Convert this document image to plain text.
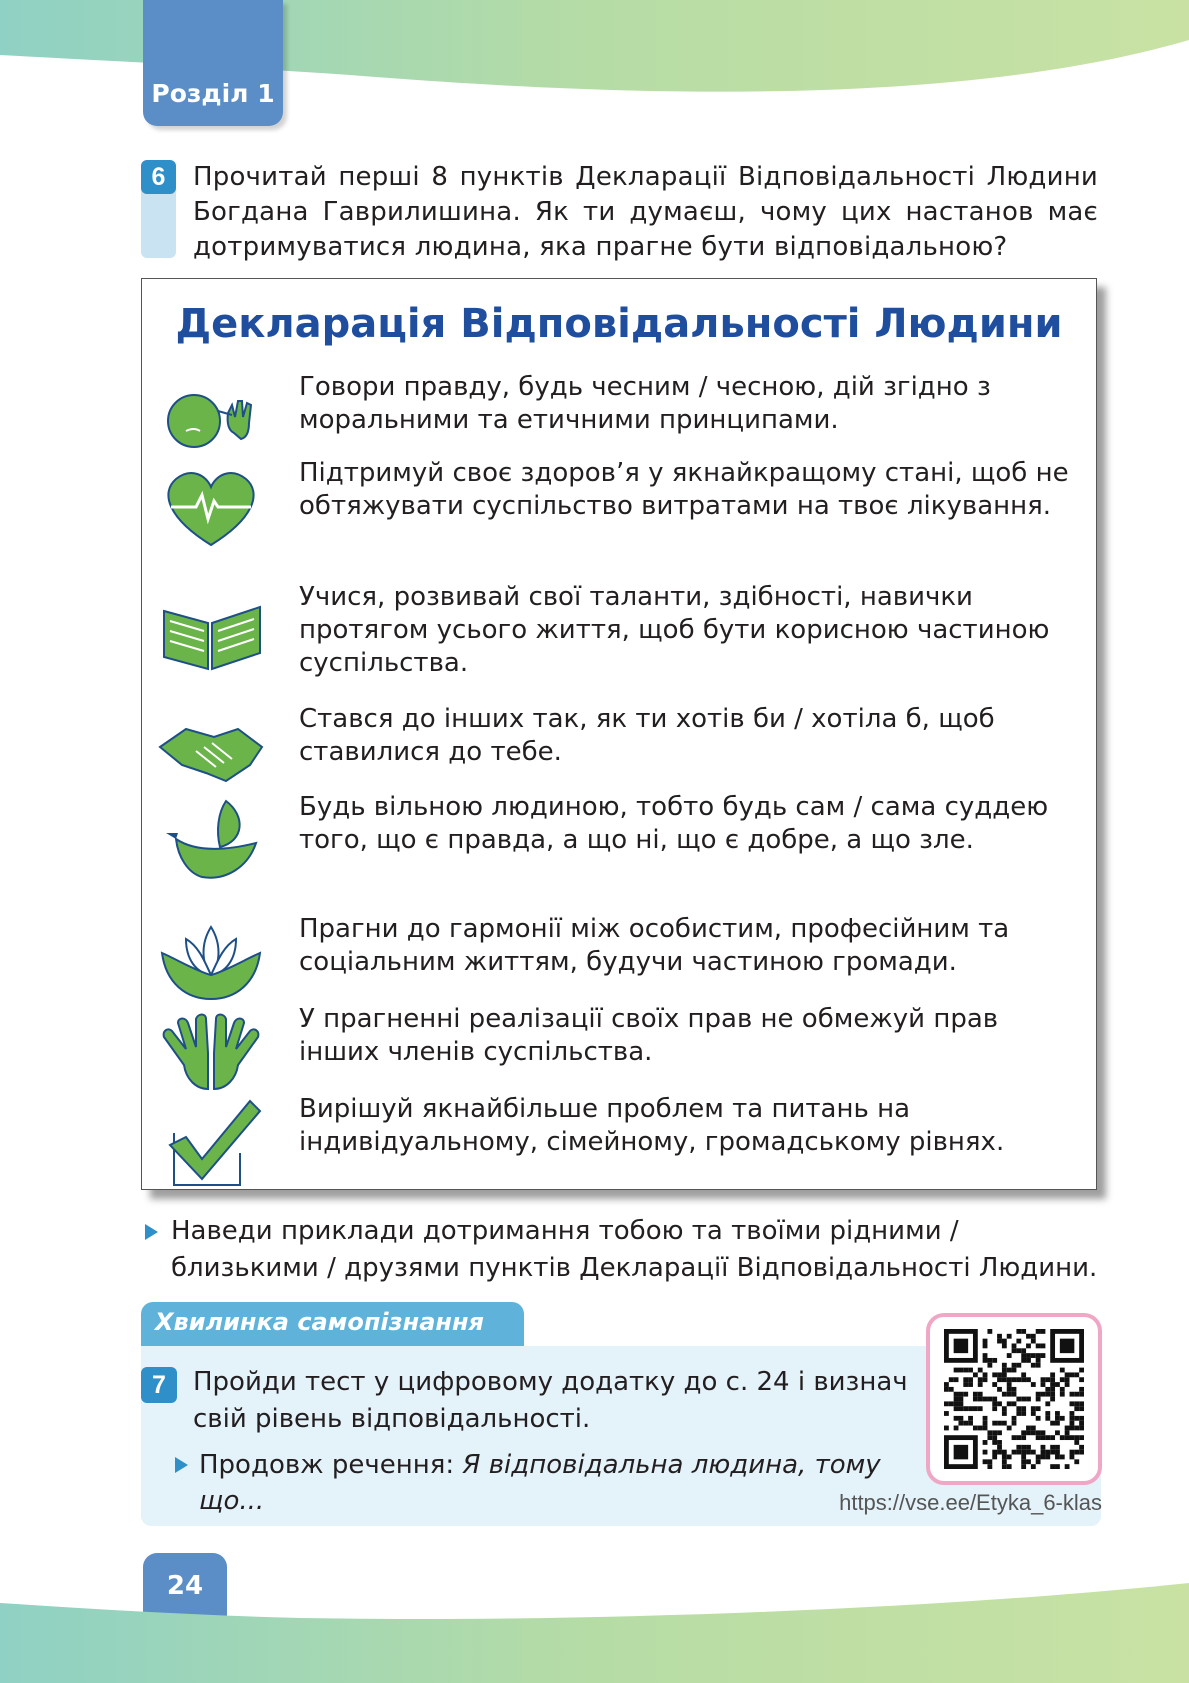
Розділ 1
6	Прочитай перші 8 пунктів Декларації Відповідальності Людини Богдана Гаврилишина. Як ти думаєш, чому цих настанов має дотримуватися людина, яка прагне бути відповідальною?
Декларація Відповідальності Людини
Говори правду, будь чесним / чесною, дій згідно з моральними та етичними принципами.
Підтримуй своє здоров’я у якнайкращому стані, щоб не обтяжувати суспільство витратами на твоє лікування.
Учися, розвивай свої таланти, здібності, навички протягом усього життя, щоб бути корисною частиною суспільства.
Стався до інших так, як ти хотів би / хотіла б, щоб ставилися до тебе.
Будь вільною людиною, тобто будь сам / сама суддею того, що є правда, а що ні, що є добре, а що зле.
Прагни до гармонії між особистим, професійним та соціальним життям, будучи частиною громади.
У прагненні реалізації своїх прав не обмежуй прав інших членів суспільства.
Вирішуй якнайбільше проблем та питань на індивідуальному, сімейному, громадському рівнях.
Наведи приклади дотримання тобою та твоїми рідними / близькими / друзями пунктів Декларації Відповідальності Людини.
Хвилинка самопізнання
7	Пройди тест у цифровому додатку до с. 24 і визнач свій рівень відповідальності.
Продовж речення: Я відповідальна людина, тому що...	https://vse.ee/Etyka_6-klas
24
